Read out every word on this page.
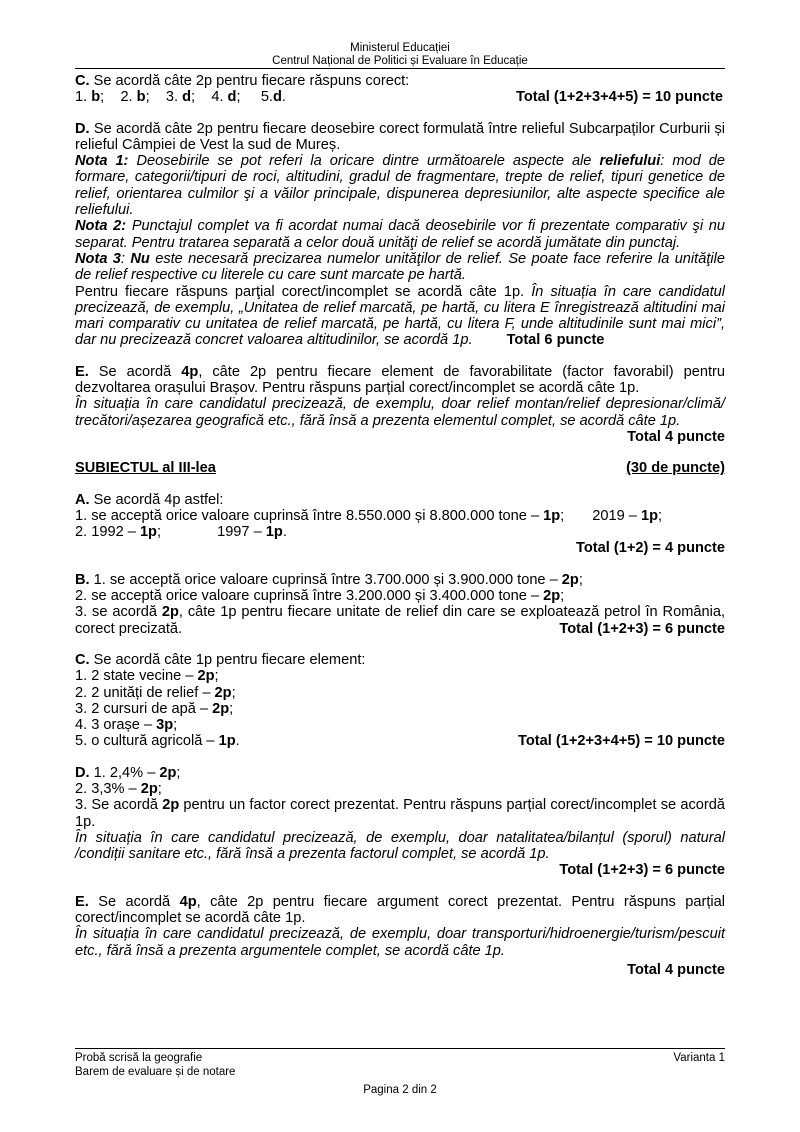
Ministerul Educației
Centrul Național de Politici și Evaluare în Educație

C. Se acordă câte 2p pentru fiecare răspuns corect:

1. b; 2. b; 3. d; 4. d; 5.d.	Total (1+2+3+4+5) = 10 puncte

D. Se acordă câte 2p pentru fiecare deosebire corect formulată între relieful Subcarpaților Curburii și relieful Câmpiei de Vest la sud de Mureș.

Nota 1: Deosebirile se pot referi la oricare dintre următoarele aspecte ale reliefului: mod de formare, categorii/tipuri de roci, altitudini, gradul de fragmentare, trepte de relief, tipuri genetice de relief, orientarea culmilor şi a văilor principale, dispunerea depresiunilor, alte aspecte specifice ale reliefului.

Nota 2: Punctajul complet va fi acordat numai dacă deosebirile vor fi prezentate comparativ şi nu separat. Pentru tratarea separată a celor două unităţi de relief se acordă jumătate din punctaj.

Nota 3: Nu este necesară precizarea numelor unităţilor de relief. Se poate face referire la unităţile de relief respective cu literele cu care sunt marcate pe hartă.

Pentru fiecare răspuns parţial corect/incomplet se acordă câte 1p. În situația în care candidatul precizează, de exemplu, „Unitatea de relief marcată, pe hartă, cu litera E înregistrează altitudini mai mari comparativ cu unitatea de relief marcată, pe hartă, cu litera F, unde altitudinile sunt mai mici”, dar nu precizează concret valoarea altitudinilor, se acordă 1p. Total 6 puncte

E. Se acordă 4p, câte 2p pentru fiecare element de favorabilitate (factor favorabil) pentru dezvoltarea orașului Brașov. Pentru răspuns parțial corect/incomplet se acordă câte 1p.

În situația în care candidatul precizează, de exemplu, doar relief montan/relief depresionar/climă/ trecători/așezarea geografică etc., fără însă a prezenta elementul complet, se acordă câte 1p.

Total 4 puncte
SUBIECTUL al III-lea	(30 de puncte)

A. Se acordă 4p astfel:

1. se acceptă orice valoare cuprinsă între 8.550.000 și 8.800.000 tone – 1p; 2019 – 1p;
2. 1992 – 1p;	1997 – 1p.
Total (1+2) = 4 puncte
B. 1. se acceptă orice valoare cuprinsă între 3.700.000 și 3.900.000 tone – 2p;
2. se acceptă orice valoare cuprinsă între 3.200.000 și 3.400.000 tone – 2p;

3. se acordă 2p, câte 1p pentru fiecare unitate de relief din care se exploatează petrol în România, corect precizată.	Total (1+2+3) = 6 puncte

C. Se acordă câte 1p pentru fiecare element:

1. 2 state vecine – 2p;
2. 2 unități de relief – 2p;
3. 2 cursuri de apă – 2p;
4. 3 orașe – 3p;
5. o cultură agricolă – 1p.	Total (1+2+3+4+5) = 10 puncte
D. 1. 2,4% – 2p;
2. 3,3% – 2p;

3. Se acordă 2p pentru un factor corect prezentat. Pentru răspuns parțial corect/incomplet se acordă 1p.

În situația în care candidatul precizează, de exemplu, doar natalitatea/bilanțul (sporul) natural /condiții sanitare etc., fără însă a prezenta factorul complet, se acordă 1p.

Total (1+2+3) = 6 puncte

E. Se acordă 4p, câte 2p pentru fiecare argument corect prezentat. Pentru răspuns parțial corect/incomplet se acordă câte 1p.

În situația în care candidatul precizează, de exemplu, doar transporturi/hidroenergie/turism/pescuit etc., fără însă a prezenta argumentele complet, se acordă câte 1p.

Total 4 puncte
Probă scrisă la geografie	Varianta 1
Barem de evaluare și de notare
Pagina 2 din 2
